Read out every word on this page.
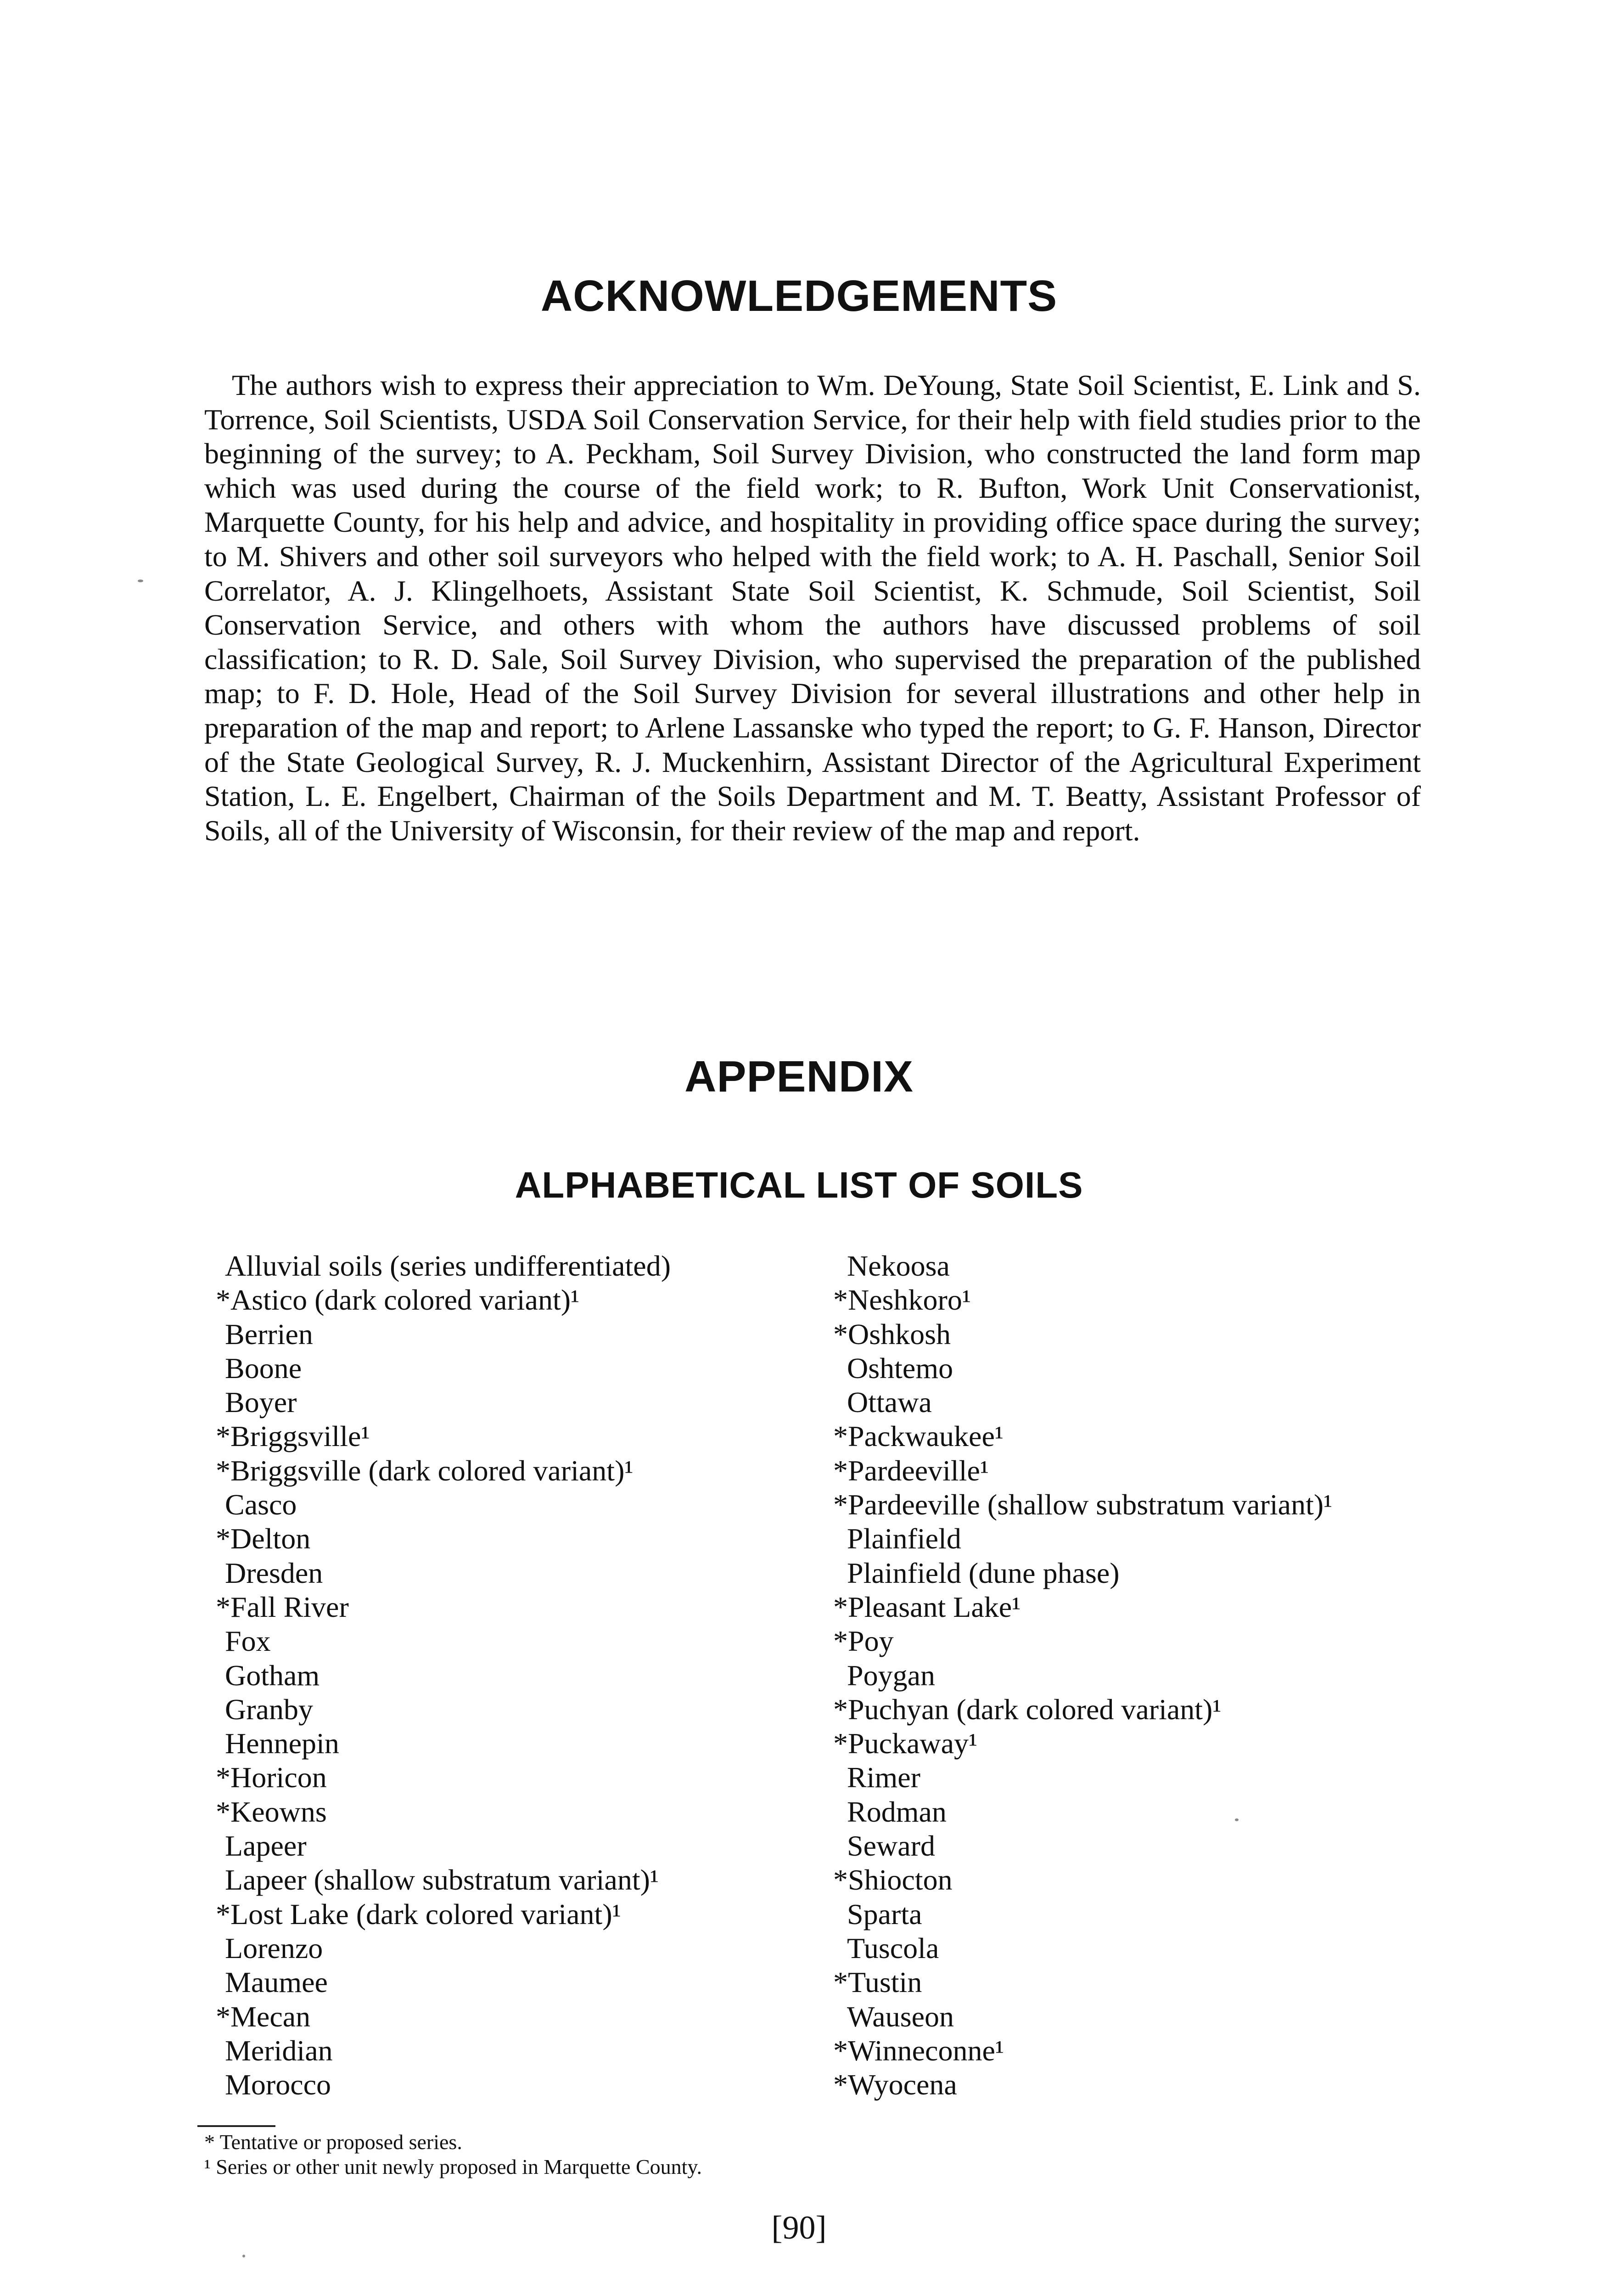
ACKNOWLEDGEMENTS

The authors wish to express their appreciation to Wm. DeYoung, State Soil Scientist, E. Link and S. Torrence, Soil Scientists, USDA Soil Conservation Service, for their help with field studies prior to the beginning of the survey; to A. Peckham, Soil Survey Division, who constructed the land form map which was used during the course of the field work; to R. Bufton, Work Unit Conservationist, Marquette County, for his help and advice, and hospitality in providing office space during the survey; to M. Shivers and other soil surveyors who helped with the field work; to A. H. Paschall, Senior Soil Correlator, A. J. Klingelhoets, Assistant State Soil Scientist, K. Schmude, Soil Scientist, Soil Conservation Service, and others with whom the authors have discussed problems of soil classification; to R. D. Sale, Soil Survey Division, who supervised the preparation of the published map; to F. D. Hole, Head of the Soil Survey Division for several illustrations and other help in preparation of the map and report; to Arlene Lassanske who typed the report; to G. F. Hanson, Director of the State Geological Survey, R. J. Muckenhirn, Assistant Director of the Agricultural Experiment Station, L. E. Engelbert, Chairman of the Soils Department and M. T. Beatty, Assistant Professor of Soils, all of the University of Wisconsin, for their review of the map and report.

APPENDIX
ALPHABETICAL LIST OF SOILS
Alluvial soils (series undifferentiated)
*Astico (dark colored variant)¹
Berrien
Boone
Boyer
*Briggsville¹
*Briggsville (dark colored variant)¹
Casco
*Delton
Dresden
*Fall River
Fox
Gotham
Granby
Hennepin
*Horicon
*Keowns
Lapeer
Lapeer (shallow substratum variant)¹
*Lost Lake (dark colored variant)¹
Lorenzo
Maumee
*Mecan
Meridian
Morocco
Nekoosa
*Neshkoro¹
*Oshkosh
Oshtemo
Ottawa
*Packwaukee¹
*Pardeeville¹
*Pardeeville (shallow substratum variant)¹
Plainfield
Plainfield (dune phase)
*Pleasant Lake¹
*Poy
Poygan
*Puchyan (dark colored variant)¹
*Puckaway¹
Rimer
Rodman
Seward
*Shiocton
Sparta
Tuscola
*Tustin
Wauseon
*Winneconne¹
*Wyocena
* Tentative or proposed series.
¹ Series or other unit newly proposed in Marquette County.
[90]
